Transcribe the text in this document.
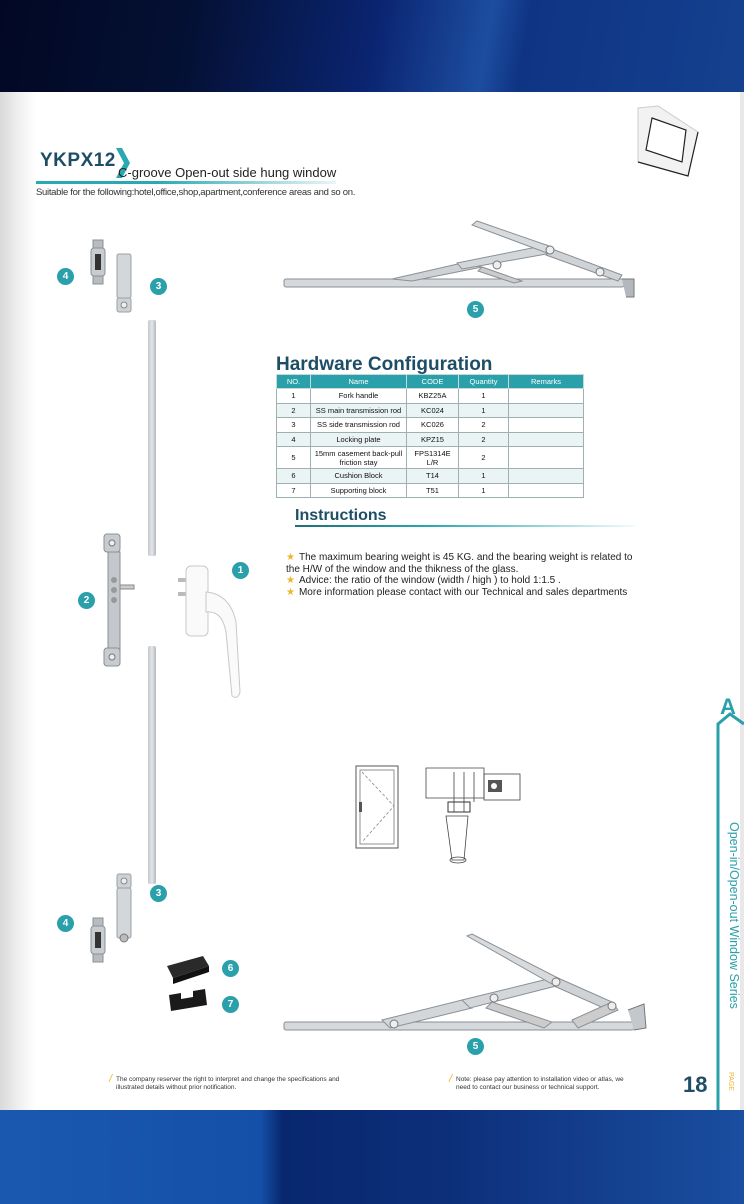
YKPX12
C-groove Open-out side hung window
Suitable for the following:hotel,office,shop,apartment,conference areas and so on.
1
2
3
3
4
4
5
5
6
7
Hardware Configuration
NO.	Name	CODE	Quantity	Remarks
1	Fork handle	KBZ25A	1	
2	SS main transmission rod	KC024	1	
3	SS side transmission rod	KC026	2	
4	Locking plate	KPZ15	2	
5	15mm casement back-pull friction stay	FPS1314E L/R	2	
6	Cushion Block	T14	1	
7	Supporting block	T51	1	
Instructions
★ The maximum bearing weight is 45 KG. and the bearing weight is related to the H/W of the window and the thikness of the glass.
★ Advice: the ratio of the window (width / high ) to hold 1:1.5 .
★ More information please contact with our Technical and sales departments
A
Open-in/Open-out Window Series
/ The company reserver the right to interpret and change the specifications and illustrated details without prior notification.
/ Note: please pay attention to installation video or atlas, we need to contact our business or technical support.	18	PAGE
